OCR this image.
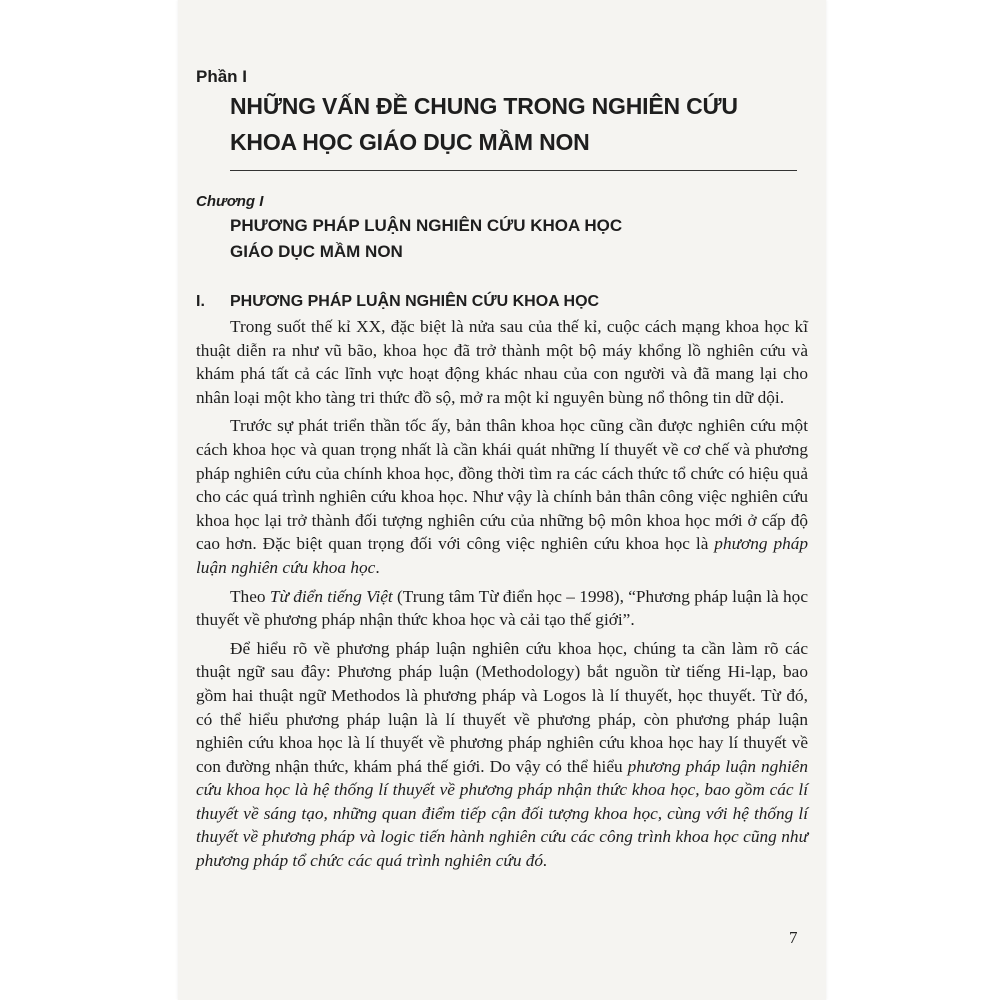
Phần I

NHỮNG VẤN ĐỀ CHUNG TRONG NGHIÊN CỨU KHOA HỌC GIÁO DỤC MẦM NON

Chương I

PHƯƠNG PHÁP LUẬN NGHIÊN CỨU KHOA HỌC GIÁO DỤC MẦM NON
I. PHƯƠNG PHÁP LUẬN NGHIÊN CỨU KHOA HỌC

Trong suốt thế kỉ XX, đặc biệt là nửa sau của thế kỉ, cuộc cách mạng khoa học kĩ thuật diễn ra như vũ bão, khoa học đã trở thành một bộ máy khổng lồ nghiên cứu và khám phá tất cả các lĩnh vực hoạt động khác nhau của con người và đã mang lại cho nhân loại một kho tàng tri thức đồ sộ, mở ra một kỉ nguyên bùng nổ thông tin dữ dội.

Trước sự phát triển thần tốc ấy, bản thân khoa học cũng cần được nghiên cứu một cách khoa học và quan trọng nhất là cần khái quát những lí thuyết về cơ chế và phương pháp nghiên cứu của chính khoa học, đồng thời tìm ra các cách thức tổ chức có hiệu quả cho các quá trình nghiên cứu khoa học. Như vậy là chính bản thân công việc nghiên cứu khoa học lại trở thành đối tượng nghiên cứu của những bộ môn khoa học mới ở cấp độ cao hơn. Đặc biệt quan trọng đối với công việc nghiên cứu khoa học là phương pháp luận nghiên cứu khoa học.

Theo Từ điển tiếng Việt (Trung tâm Từ điển học – 1998), “Phương pháp luận là học thuyết về phương pháp nhận thức khoa học và cải tạo thế giới”.

Để hiểu rõ về phương pháp luận nghiên cứu khoa học, chúng ta cần làm rõ các thuật ngữ sau đây: Phương pháp luận (Methodology) bắt nguồn từ tiếng Hi-lạp, bao gồm hai thuật ngữ Methodos là phương pháp và Logos là lí thuyết, học thuyết. Từ đó, có thể hiểu phương pháp luận là lí thuyết về phương pháp, còn phương pháp luận nghiên cứu khoa học là lí thuyết về phương pháp nghiên cứu khoa học hay lí thuyết về con đường nhận thức, khám phá thế giới. Do vậy có thể hiểu phương pháp luận nghiên cứu khoa học là hệ thống lí thuyết về phương pháp nhận thức khoa học, bao gồm các lí thuyết về sáng tạo, những quan điểm tiếp cận đối tượng khoa học, cùng với hệ thống lí thuyết về phương pháp và logic tiến hành nghiên cứu các công trình khoa học cũng như phương pháp tổ chức các quá trình nghiên cứu đó.

7
